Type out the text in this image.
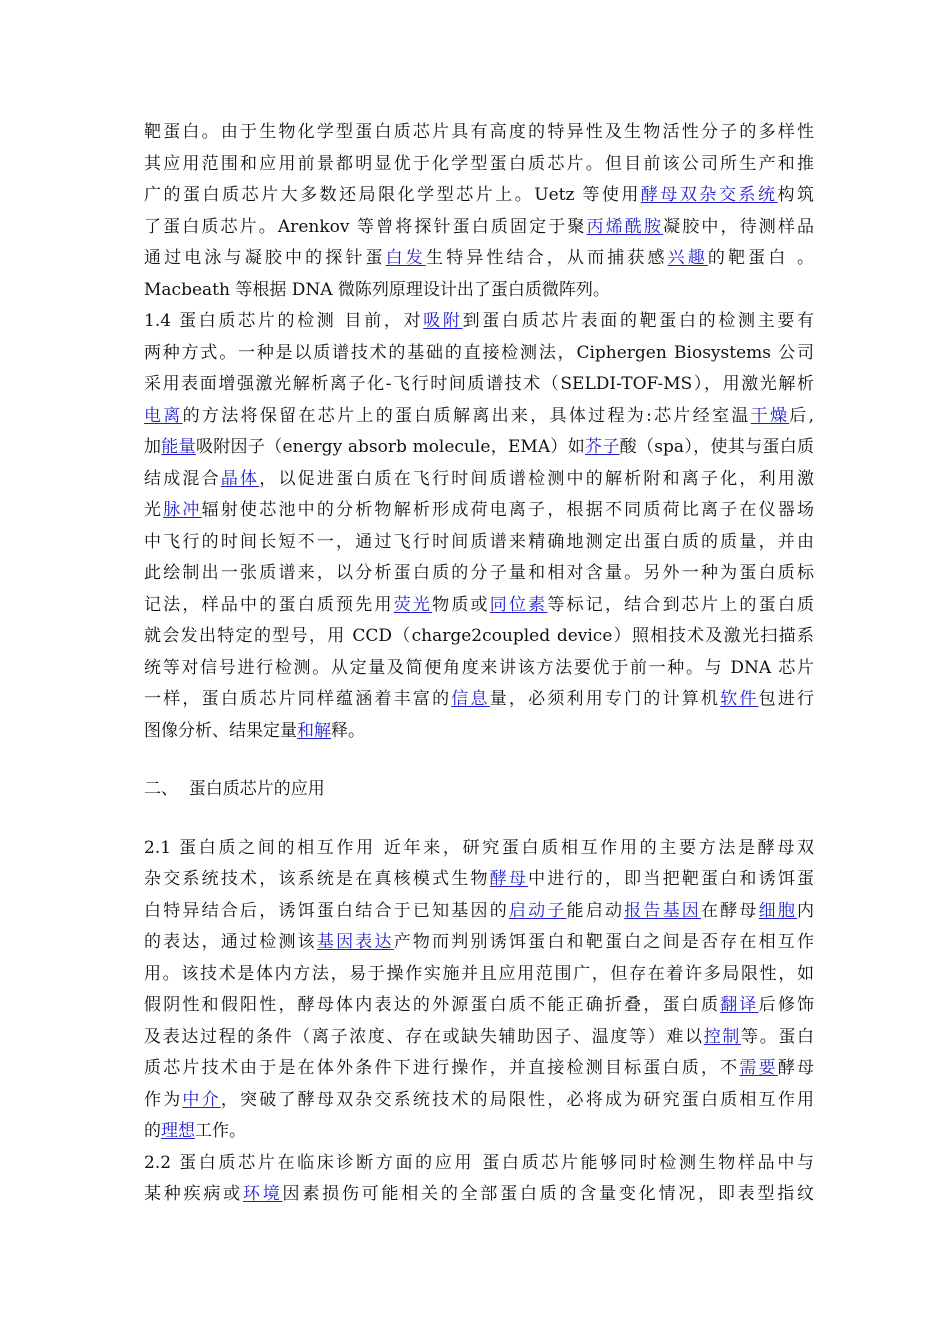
靶蛋白。由于生物化学型蛋白质芯片具有高度的特异性及生物活性分子的多样性
其应用范围和应用前景都明显优于化学型蛋白质芯片。但目前该公司所生产和推
广的蛋白质芯片大多数还局限化学型芯片上。Uetz 等使用酵母双杂交系统构筑
了蛋白质芯片。Arenkov 等曾将探针蛋白质固定于聚丙烯酰胺凝胶中，待测样品
通过电泳与凝胶中的探针蛋白发生特异性结合，从而捕获感兴趣的靶蛋白 。
Macbeath 等根据 DNA 微陈列原理设计出了蛋白质微阵列。
1.4 蛋白质芯片的检测 目前，对吸附到蛋白质芯片表面的靶蛋白的检测主要有
两种方式。一种是以质谱技术的基础的直接检测法，Ciphergen Biosystems 公司
采用表面增强激光解析离子化-飞行时间质谱技术（SELDI-TOF-MS），用激光解析
电离的方法将保留在芯片上的蛋白质解离出来，具体过程为:芯片经室温干燥后,
加能量吸附因子（energy absorb molecule，EMA）如芥子酸（spa），使其与蛋白质
结成混合晶体，以促进蛋白质在飞行时间质谱检测中的解析附和离子化，利用激
光脉冲辐射使芯池中的分析物解析形成荷电离子，根据不同质荷比离子在仪器场
中飞行的时间长短不一，通过飞行时间质谱来精确地测定出蛋白质的质量，并由
此绘制出一张质谱来，以分析蛋白质的分子量和相对含量。另外一种为蛋白质标
记法，样品中的蛋白质预先用荧光物质或同位素等标记，结合到芯片上的蛋白质
就会发出特定的型号，用 CCD（charge2coupled device）照相技术及激光扫描系
统等对信号进行检测。从定量及简便角度来讲该方法要优于前一种。与 DNA 芯片
一样，蛋白质芯片同样蕴涵着丰富的信息量，必须利用专门的计算机软件包进行
图像分析、结果定量和解释。
二、  蛋白质芯片的应用
2.1 蛋白质之间的相互作用 近年来，研究蛋白质相互作用的主要方法是酵母双
杂交系统技术，该系统是在真核模式生物酵母中进行的，即当把靶蛋白和诱饵蛋
白特异结合后，诱饵蛋白结合于已知基因的启动子能启动报告基因在酵母细胞内
的表达，通过检测该基因表达产物而判别诱饵蛋白和靶蛋白之间是否存在相互作
用。该技术是体内方法，易于操作实施并且应用范围广，但存在着许多局限性，如
假阴性和假阳性，酵母体内表达的外源蛋白质不能正确折叠，蛋白质翻译后修饰
及表达过程的条件（离子浓度、存在或缺失辅助因子、温度等）难以控制等。蛋白
质芯片技术由于是在体外条件下进行操作，并直接检测目标蛋白质，不需要酵母
作为中介，突破了酵母双杂交系统技术的局限性，必将成为研究蛋白质相互作用
的理想工作。
2.2 蛋白质芯片在临床诊断方面的应用 蛋白质芯片能够同时检测生物样品中与
某种疾病或环境因素损伤可能相关的全部蛋白质的含量变化情况，即表型指纹
